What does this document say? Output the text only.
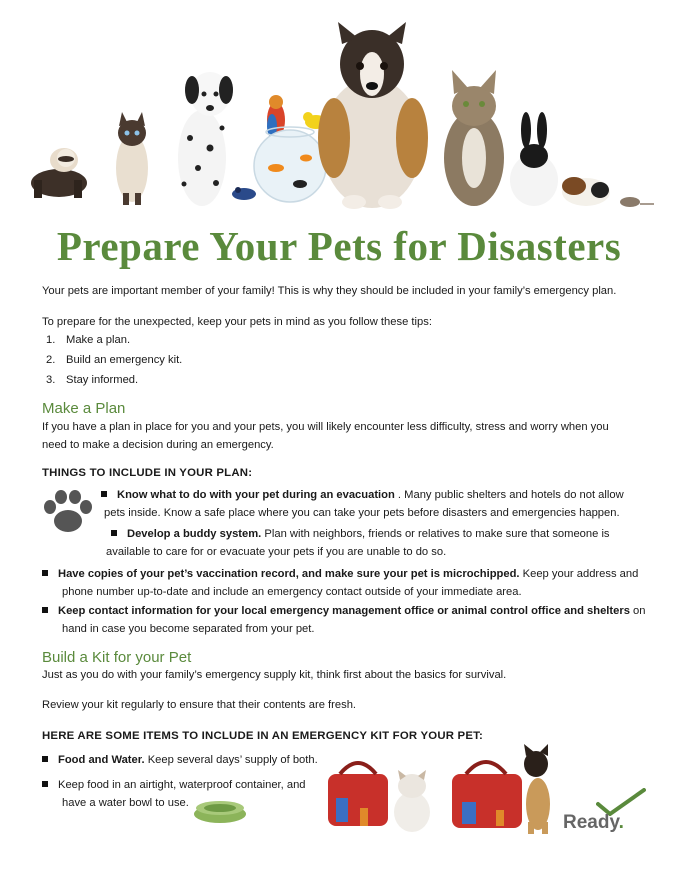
Prepare Your Pets for Disasters
Your pets are important member of your family! This is why they should be included in your family’s emergency plan.
To prepare for the unexpected, keep your pets in mind as you follow these tips:
1. Make a plan.
2. Build an emergency kit.
3. Stay informed.
Make a Plan
If you have a plan in place for you and your pets, you will likely encounter less difficulty, stress and worry when you
need to make a decision during an emergency.
THINGS TO INCLUDE IN YOUR PLAN:
Know what to do with your pet during an evacuation . Many public shelters and hotels do not allow
pets inside. Know a safe place where you can take your pets before disasters and emergencies happen.
Develop a buddy system. Plan with neighbors, friends or relatives to make sure that someone is
available to care for or evacuate your pets if you are unable to do so.
Have copies of your pet’s vaccination record, and make sure your pet is microchipped. Keep your address and
phone number up-to-date and include an emergency contact outside of your immediate area.
Keep contact information for your local emergency management office or animal control office and shelters on
hand in case you become separated from your pet.
Build a Kit for your Pet
Just as you do with your family’s emergency supply kit, think first about the basics for survival.
Review your kit regularly to ensure that their contents are fresh.
HERE ARE SOME ITEMS TO INCLUDE IN AN EMERGENCY KIT FOR YOUR PET:
Food and Water. Keep several days’ supply of both.
Keep food in an airtight, waterproof container, and
have a water bowl to use.
Ready.
